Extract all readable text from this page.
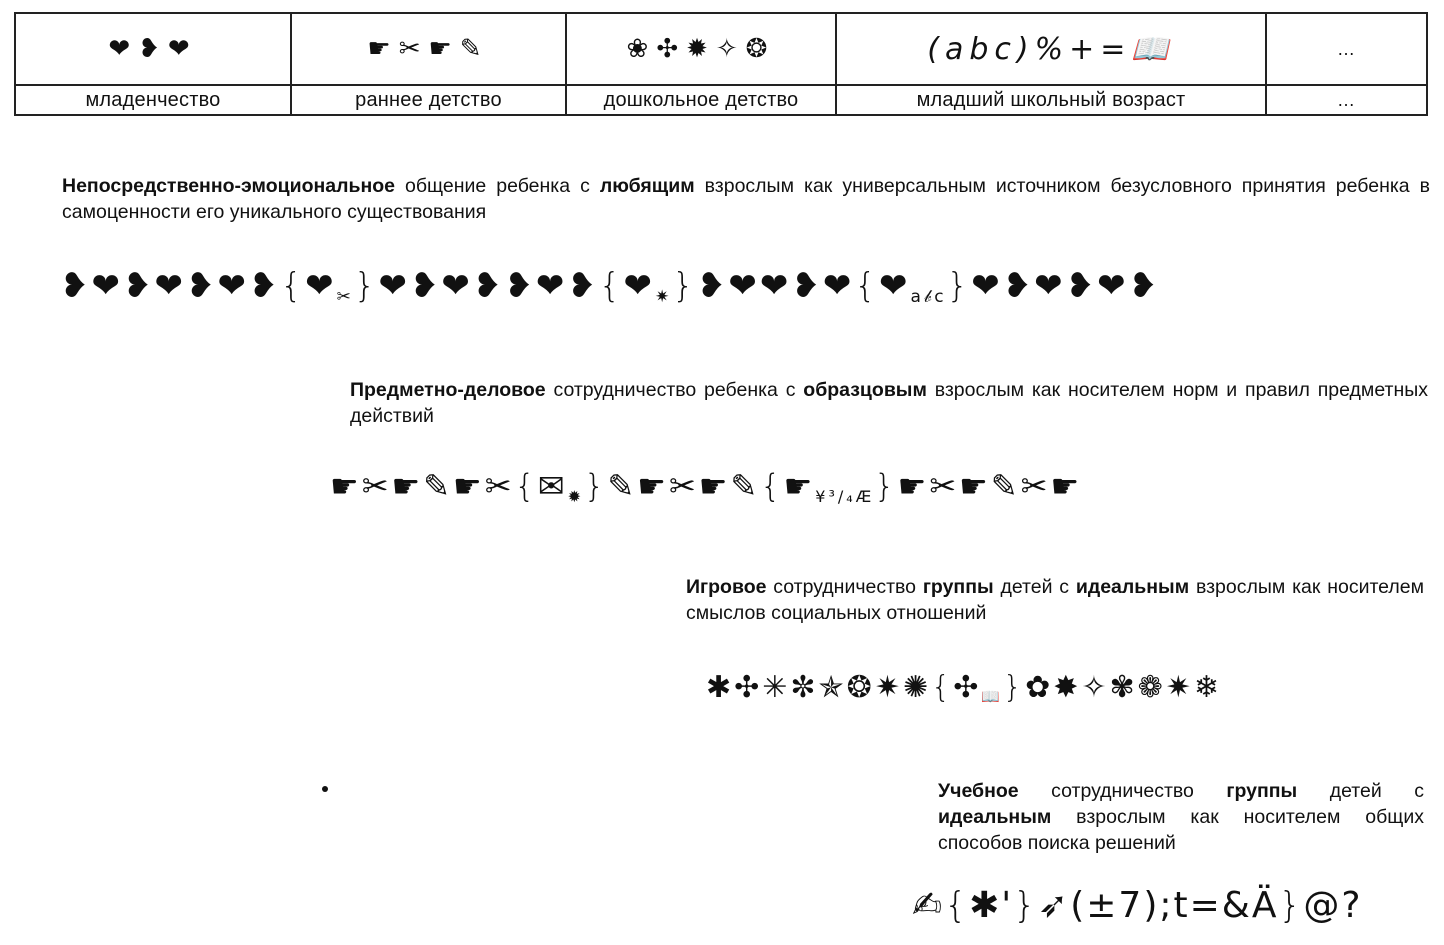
❤❥❤	☛✂☛✎	❀✣✹✧❂	(abc)%+=📖	…
младенчество	раннее детство	дошкольное детство	младший школьный возраст	…

Непосредственно-эмоциональное общение ребенка с любящим взрослым как универсальным источником безусловного принятия ребенка в самоценности его уникального существования

$❥❤❥❤❥❤❥\{❤_✂\}❤❥❤❥❥❤❥\{❤_✷\}❥❤❤❥❤\{❤_{a𝒷c}\}❤❥❤❥❤❥$

Предметно-деловое сотрудничество ребенка с образцовым взрослым как носителем норм и правил предметных действий

$☛✂☛✎☛✂\{✉_✹\}✎☛✂☛✎\{☛_{¥^3/_4Æ}\}☛✂☛✎✂☛$

Игровое сотрудничество группы детей с идеальным взрослым как носителем смыслов социальных отношений

$✱✣✳✼✯❂✷✺\{✣_📖\}✿✸✧✾❁✷❄$

Учебное сотрудничество группы детей с идеальным взрослым как носителем общих способов поиска решений

✍{✱'}➶(±7);t=&Ä}@?
